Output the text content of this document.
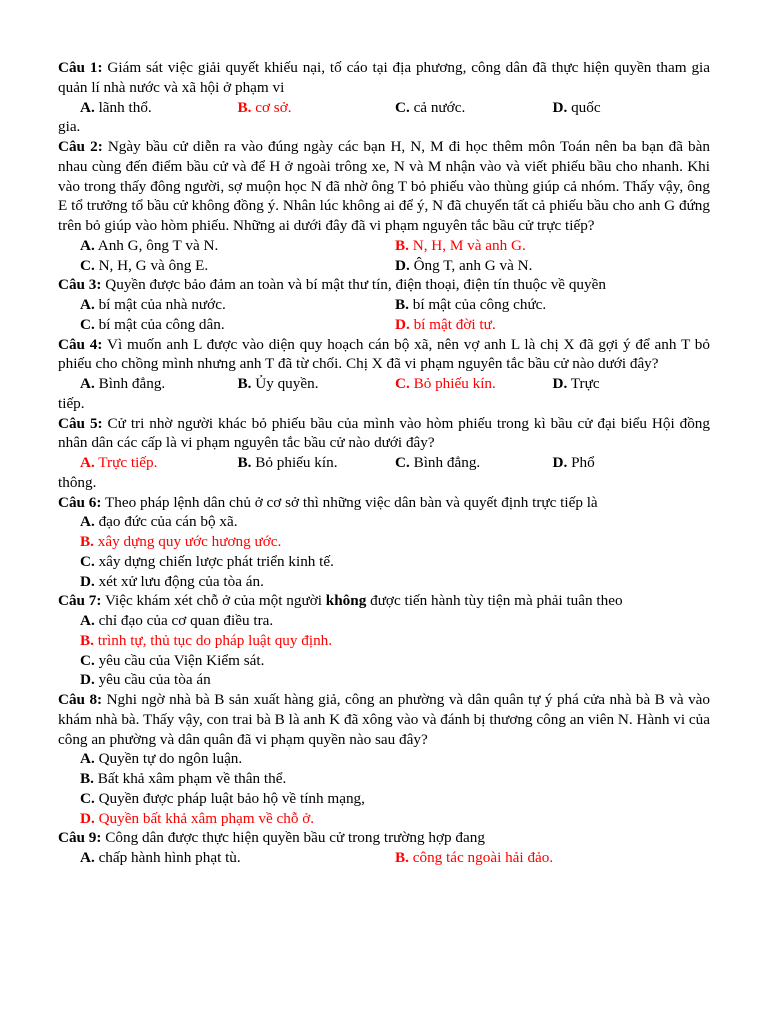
Câu 1: Giám sát việc giải quyết khiếu nại, tố cáo tại địa phương, công dân đã thực hiện quyền tham gia quản lí nhà nước và xã hội ở phạm vi

A. lãnh thổ.	B. cơ sở.	C. cả nước.	D. quốc
gia.

Câu 2: Ngày bầu cử diễn ra vào đúng ngày các bạn H, N, M đi học thêm môn Toán nên ba bạn đã bàn nhau cùng đến điểm bầu cử và để H ở ngoài trông xe, N và M nhận vào và viết phiếu bầu cho nhanh. Khi vào trong thấy đông người, sợ muộn học N đã nhờ ông T bỏ phiếu vào thùng giúp cả nhóm. Thấy vậy, ông E tổ trưởng tổ bầu cử không đồng ý. Nhân lúc không ai để ý, N đã chuyển tất cả phiếu bầu cho anh G đứng trên bỏ giúp vào hòm phiếu. Những ai dưới đây đã vi phạm nguyên tắc bầu cử trực tiếp?

A. Anh G, ông T và N.	B. N, H, M và anh G.
C. N, H, G và ông E.	D. Ông T, anh G và N.

Câu 3: Quyền được bảo đảm an toàn và bí mật thư tín, điện thoại, điện tín thuộc về quyền

A. bí mật của nhà nước.	B. bí mật của công chức.
C. bí mật của công dân.	D. bí mật đời tư.

Câu 4: Vì muốn anh L được vào diện quy hoạch cán bộ xã, nên vợ anh L là chị X đã gợi ý để anh T bỏ phiếu cho chồng mình nhưng anh T đã từ chối. Chị X đã vi phạm nguyên tắc bầu cử nào dưới đây?

A. Bình đẳng.	B. Ủy quyền.	C. Bỏ phiếu kín.	D. Trực
tiếp.

Câu 5: Cử tri nhờ người khác bỏ phiếu bầu của mình vào hòm phiếu trong kì bầu cử đại biểu Hội đồng nhân dân các cấp là vi phạm nguyên tắc bầu cử nào dưới đây?

A. Trực tiếp.	B. Bỏ phiếu kín.	C. Bình đẳng.	D. Phổ
thông.

Câu 6: Theo pháp lệnh dân chủ ở cơ sở thì những việc dân bàn và quyết định trực tiếp là

A. đạo đức của cán bộ xã.
B. xây dựng quy ước hương ước.
C. xây dựng chiến lược phát triển kinh tế.
D. xét xử lưu động của tòa án.

Câu 7: Việc khám xét chỗ ở của một người không được tiến hành tùy tiện mà phải tuân theo

A. chỉ đạo của cơ quan điều tra.
B. trình tự, thủ tục do pháp luật quy định.
C. yêu cầu của Viện Kiểm sát.
D. yêu cầu của tòa án

Câu 8: Nghi ngờ nhà bà B sản xuất hàng giả, công an phường và dân quân tự ý phá cửa nhà bà B và vào khám nhà bà. Thấy vậy, con trai bà B là anh K đã xông vào và đánh bị thương công an viên N. Hành vi của công an phường và dân quân đã vi phạm quyền nào sau đây?

A. Quyền tự do ngôn luận.
B. Bất khả xâm phạm về thân thể.
C. Quyền được pháp luật bảo hộ về tính mạng,
D. Quyền bất khả xâm phạm về chỗ ở.

Câu 9: Công dân được thực hiện quyền bầu cử trong trường hợp đang

A. chấp hành hình phạt tù.	B. công tác ngoài hải đảo.
